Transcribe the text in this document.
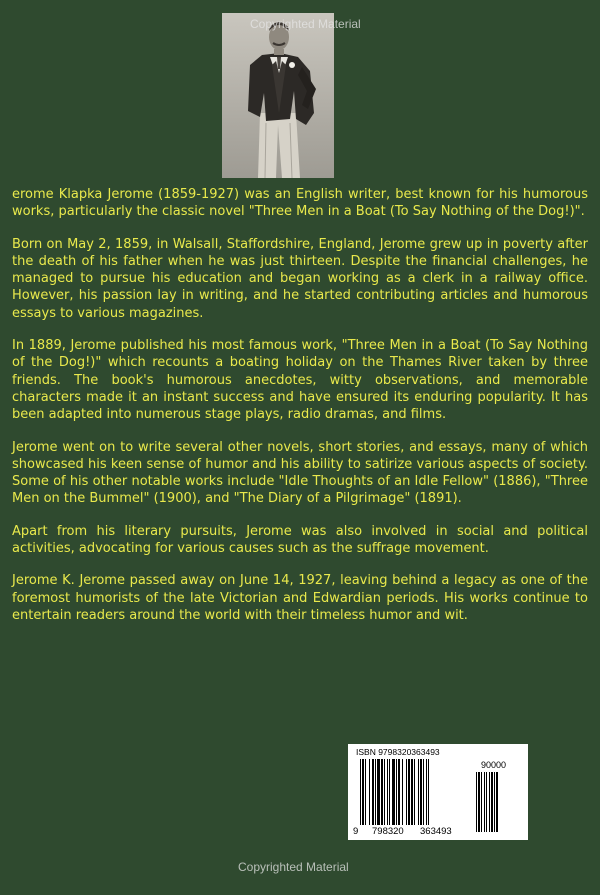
Copyrighted Material

erome Klapka Jerome (1859-1927) was an English writer, best known for his humorous works, particularly the classic novel "Three Men in a Boat (To Say Nothing of the Dog!)".

Born on May 2, 1859, in Walsall, Staffordshire, England, Jerome grew up in poverty after the death of his father when he was just thirteen. Despite the financial challenges, he managed to pursue his education and began working as a clerk in a railway office. However, his passion lay in writing, and he started contributing articles and humorous essays to various magazines.

In 1889, Jerome published his most famous work, "Three Men in a Boat (To Say Nothing of the Dog!)" which recounts a boating holiday on the Thames River taken by three friends. The book's humorous anecdotes, witty observations, and memorable characters made it an instant success and have ensured its enduring popularity. It has been adapted into numerous stage plays, radio dramas, and films.

Jerome went on to write several other novels, short stories, and essays, many of which showcased his keen sense of humor and his ability to satirize various aspects of society. Some of his other notable works include "Idle Thoughts of an Idle Fellow" (1886), "Three Men on the Bummel" (1900), and "The Diary of a Pilgrimage" (1891).

Apart from his literary pursuits, Jerome was also involved in social and political activities, advocating for various causes such as the suffrage movement.

Jerome K. Jerome passed away on June 14, 1927, leaving behind a legacy as one of the foremost humorists of the late Victorian and Edwardian periods. His works continue to entertain readers around the world with their timeless humor and wit.

ISBN 9798320363493
90000
9 798320 363493
Copyrighted Material
